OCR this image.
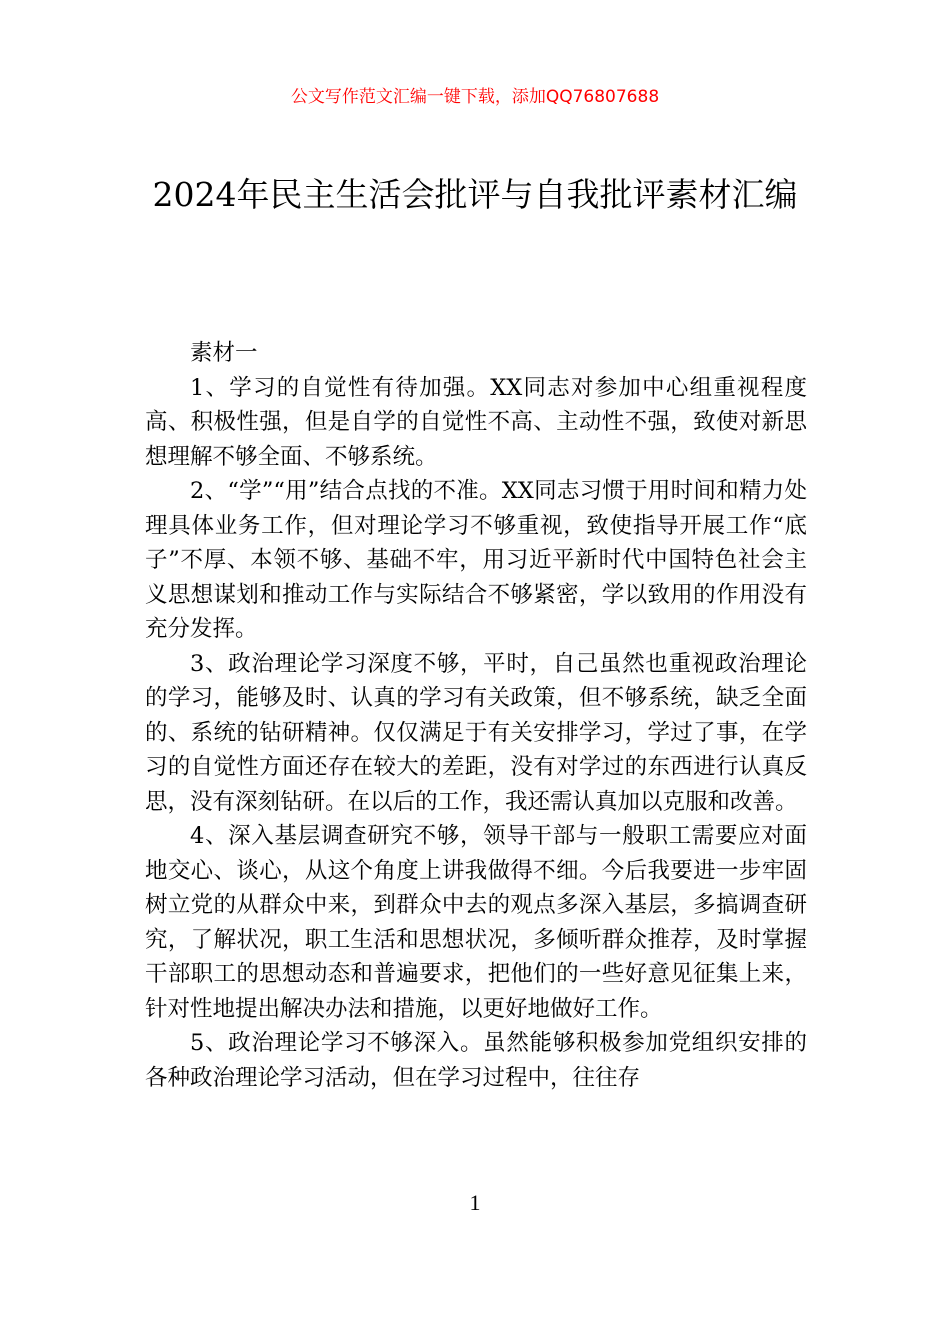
公文写作范文汇编一键下载，添加QQ76807688
2024年民主生活会批评与自我批评素材汇编

素材一

1、学习的自觉性有待加强。XX同志对参加中心组重视程度高、积极性强，但是自学的自觉性不高、主动性不强，致使对新思想理解不够全面、不够系统。

2、“学”“用”结合点找的不准。XX同志习惯于用时间和精力处理具体业务工作，但对理论学习不够重视，致使指导开展工作“底子”不厚、本领不够、基础不牢，用习近平新时代中国特色社会主义思想谋划和推动工作与实际结合不够紧密，学以致用的作用没有充分发挥。

3、政治理论学习深度不够，平时，自己虽然也重视政治理论的学习，能够及时、认真的学习有关政策，但不够系统，缺乏全面的、系统的钻研精神。仅仅满足于有关安排学习，学过了事，在学习的自觉性方面还存在较大的差距，没有对学过的东西进行认真反思，没有深刻钻研。在以后的工作，我还需认真加以克服和改善。

4、深入基层调查研究不够，领导干部与一般职工需要应对面地交心、谈心，从这个角度上讲我做得不细。今后我要进一步牢固树立党的从群众中来，到群众中去的观点多深入基层，多搞调查研究，了解状况，职工生活和思想状况，多倾听群众推荐，及时掌握干部职工的思想动态和普遍要求，把他们的一些好意见征集上来，针对性地提出解决办法和措施，以更好地做好工作。

5、政治理论学习不够深入。虽然能够积极参加党组织安排的各种政治理论学习活动，但在学习过程中，往往存

1
